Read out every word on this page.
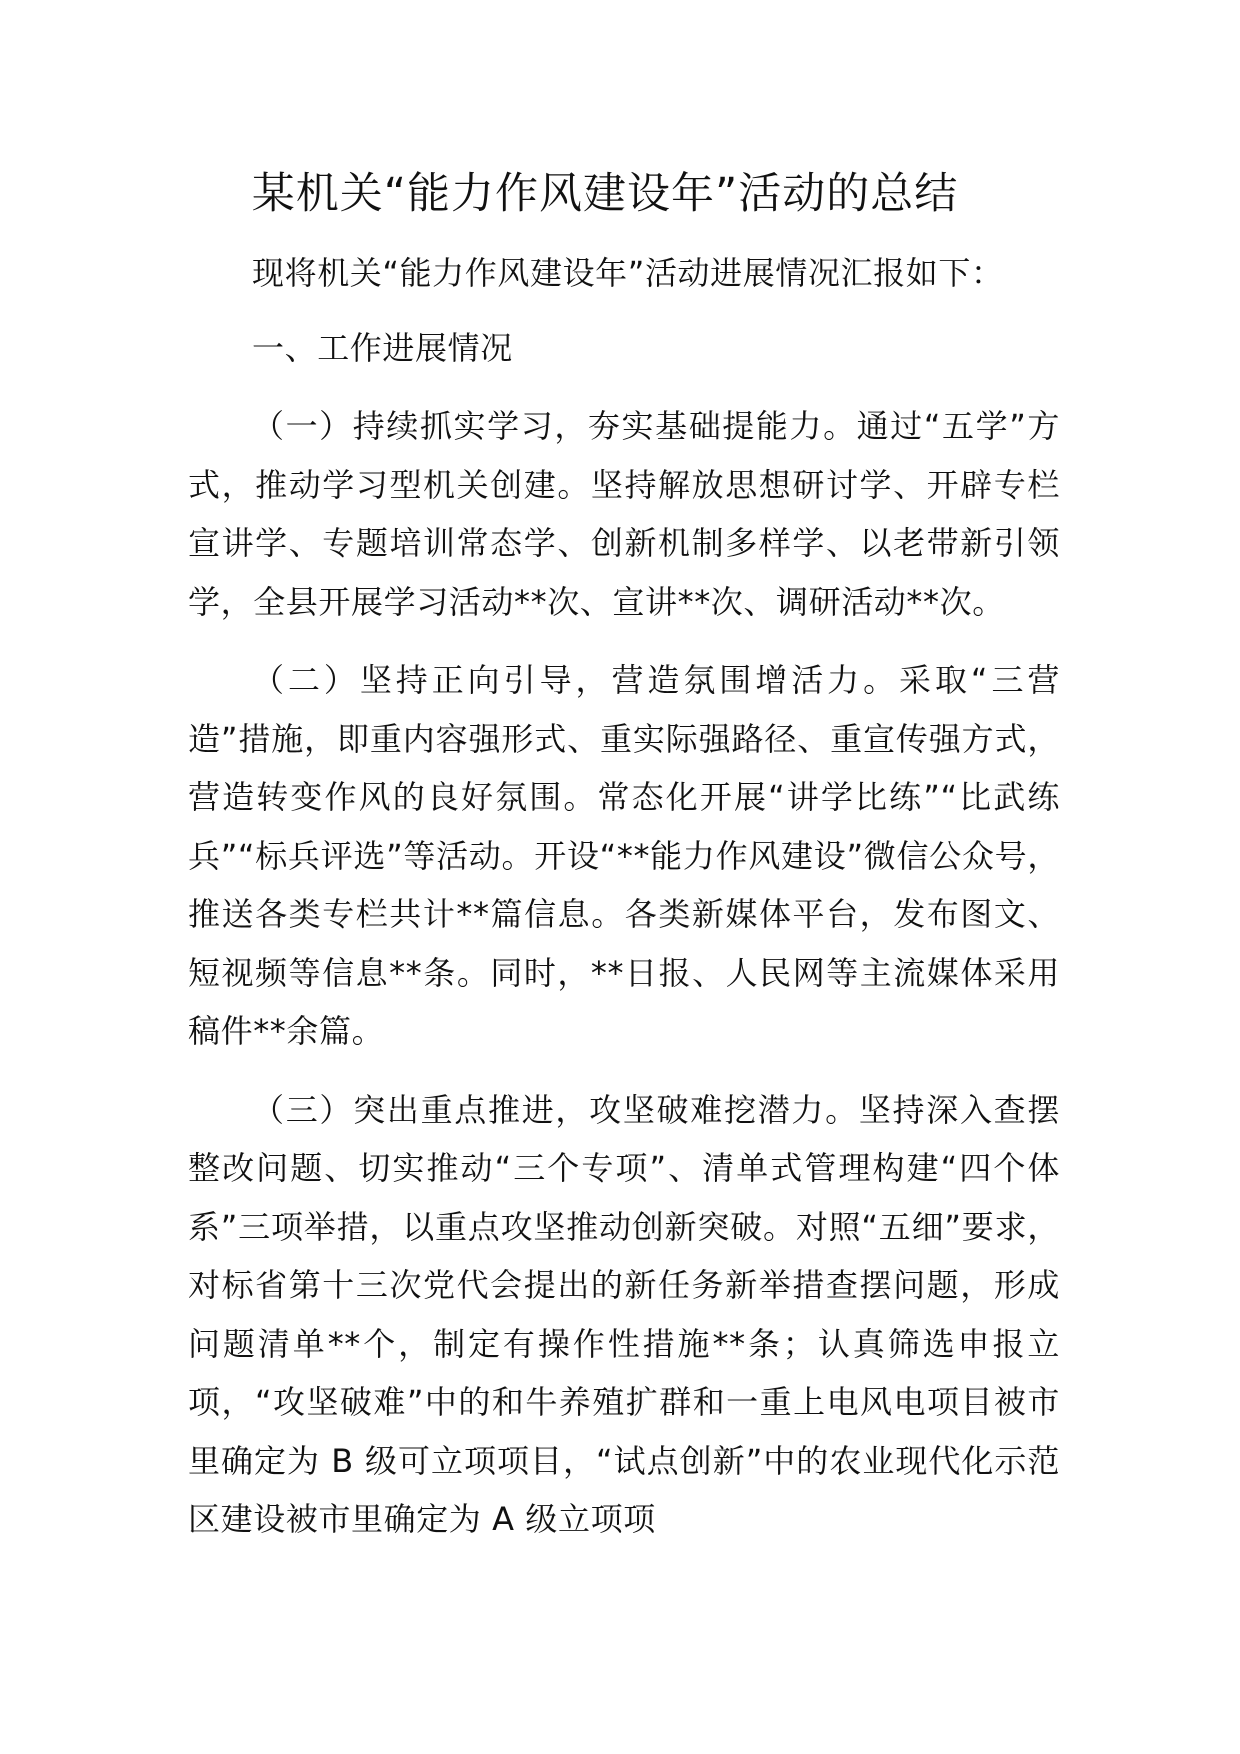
某机关“能力作风建设年”活动的总结

现将机关“能力作风建设年”活动进展情况汇报如下：

一、工作进展情况

（一）持续抓实学习，夯实基础提能力。通过“五学”方式，推动学习型机关创建。坚持解放思想研讨学、开辟专栏宣讲学、专题培训常态学、创新机制多样学、以老带新引领学，全县开展学习活动**次、宣讲**次、调研活动**次。

（二）坚持正向引导，营造氛围增活力。采取“三营造”措施，即重内容强形式、重实际强路径、重宣传强方式，营造转变作风的良好氛围。常态化开展“讲学比练”“比武练兵”“标兵评选”等活动。开设“**能力作风建设”微信公众号，推送各类专栏共计**篇信息。各类新媒体平台，发布图文、短视频等信息**条。同时，**日报、人民网等主流媒体采用稿件**余篇。

（三）突出重点推进，攻坚破难挖潜力。坚持深入查摆整改问题、切实推动“三个专项”、清单式管理构建“四个体系”三项举措，以重点攻坚推动创新突破。对照“五细”要求，对标省第十三次党代会提出的新任务新举措查摆问题，形成问题清单**个，制定有操作性措施**条；认真筛选申报立项，“攻坚破难”中的和牛养殖扩群和一重上电风电项目被市里确定为 B 级可立项项目，“试点创新”中的农业现代化示范区建设被市里确定为 A 级立项项
